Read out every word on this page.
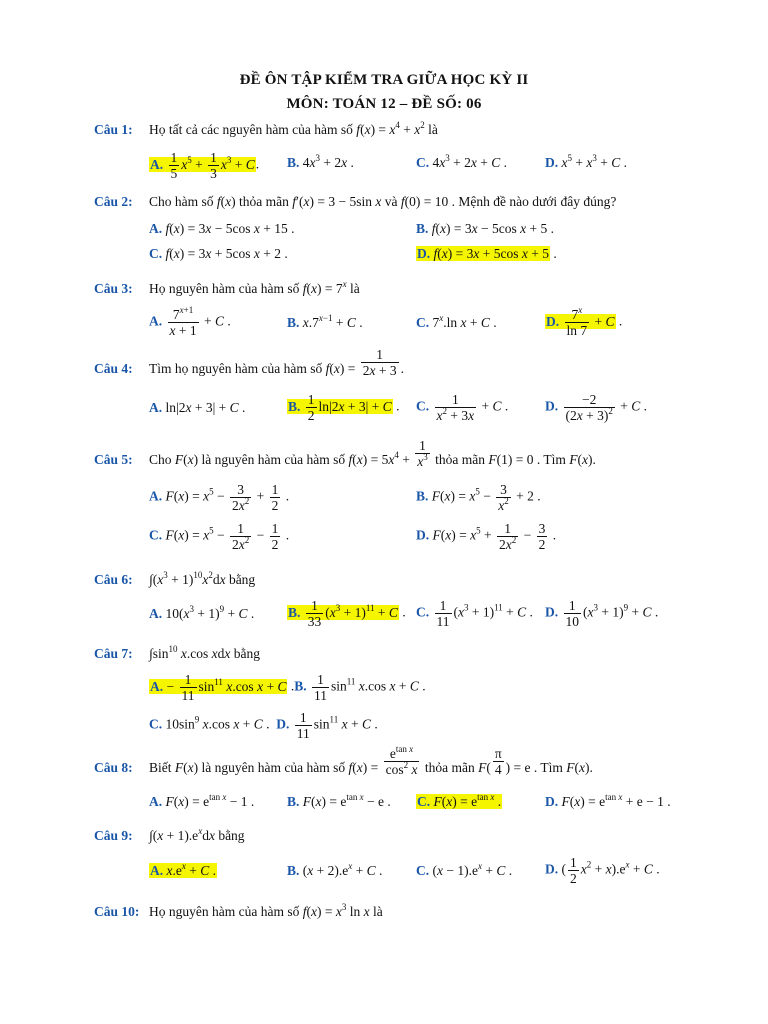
ĐỀ ÔN TẬP KIỂM TRA GIỮA HỌC KỲ II
MÔN: TOÁN 12 – ĐỀ SỐ: 06
Câu 1: Họ tất cả các nguyên hàm của hàm số $f(x) = x^4 + x^2$ là
A. $\frac{1}{5} x^5 + \frac{1}{3} x^3 + C$. B. $4x^3 + 2x$ .	C. $4x^3 + 2x + C$ .	D. $x^5 + x^3 + C$ .
Câu 2: Cho hàm số f(x) thỏa mãn f′(x) = 3 − 5sin x và f(0) = 10 . Mệnh đề nào dưới đây đúng?
A. f(x) = 3x − 5cos x + 15 .	B. f(x) = 3x − 5cos x + 5 .
C. f(x) = 3x + 5cos x + 2 .	D. f(x) = 3x + 5cos x + 5 .
Câu 3: Họ nguyên hàm của hàm số $f(x) = 7^x$ là
A. $\frac{7^{x+1}}{x + 1} + C$ .	B. $x.7^{x-1} + C$ .	C. 7$^x$.ln x + C .	D. $\frac{7^x}{\ln 7} + C$ .
Câu 4: Tìm họ nguyên hàm của hàm số $f(x) = \frac{1}{2x + 3}$ .
A. ln|2x + 3| + C .	B. $\frac{1}{2} \ln|2x + 3| + C$ . C. $\frac{1}{x^2 + 3x} + C$ .	D. $\frac{-2}{(2x + 3)^2} + C$ .
Câu 5: Cho F(x) là nguyên hàm của hàm số $f(x) = 5x^4 + \frac{1}{x^3}$ thỏa mãn F(1) = 0 . Tìm F(x).
A. $F(x) = x^5 - \frac{3}{2x^2} + \frac{1}{2}$ .	B. $F(x) = x^5 - \frac{3}{x^2} + 2$ .
C. $F(x) = x^5 - \frac{1}{2x^2} - \frac{1}{2}$ .	D. $F(x) = x^5 + \frac{1}{2x^2} - \frac{3}{2}$ .
Câu 6: $\int(x^3 + 1)^{10}x^2dx$ bằng
A. $10(x^3 + 1)^9 + C$ .	B. $\frac{1}{33} (x^3 + 1)^{11} + C$ . C. $\frac{1}{11} (x^3 + 1)^{11} + C$ . D. $\frac{1}{10} (x^3 + 1)^9 + C$ .
Câu 7: $\int\sin^{10}$ x.cos xdx bằng
A. − $\frac{1}{11} \sin^{11} x.\cos$ x + C .B. $\frac{1}{11} \sin^{11} x.\cos$ x + C .
C. $10\sin^9$ x.cos x + C .  D. $\frac{1}{11} \sin^{11} x + C$ .
Câu 8: Biết F(x) là nguyên hàm của hàm số $f(x) = \frac{e^{tan x}}{\cos^2 x}$ thỏa mãn $F( \frac{\pi}{4}$ ) = e . Tìm F(x).
A. $F(x) = e^{tan x} - 1$ . B. $F(x) = e^{tan x} - e$ . C. $F(x) = e^{tan x}$ .	D. $F(x) = e^{tan x} + e - 1$ .
Câu 9: $\int(x + 1).e^xdx$ bằng
A. $x.e^x + C$ .	B. $(x + 2).e^x + C$ . C. $(x - 1).e^x + C$ . D. ( $\frac{1}{2} x^2 + x).e^x + C$ .
Câu 10: Họ nguyên hàm của hàm số $f(x) = x^3$ ln x là
